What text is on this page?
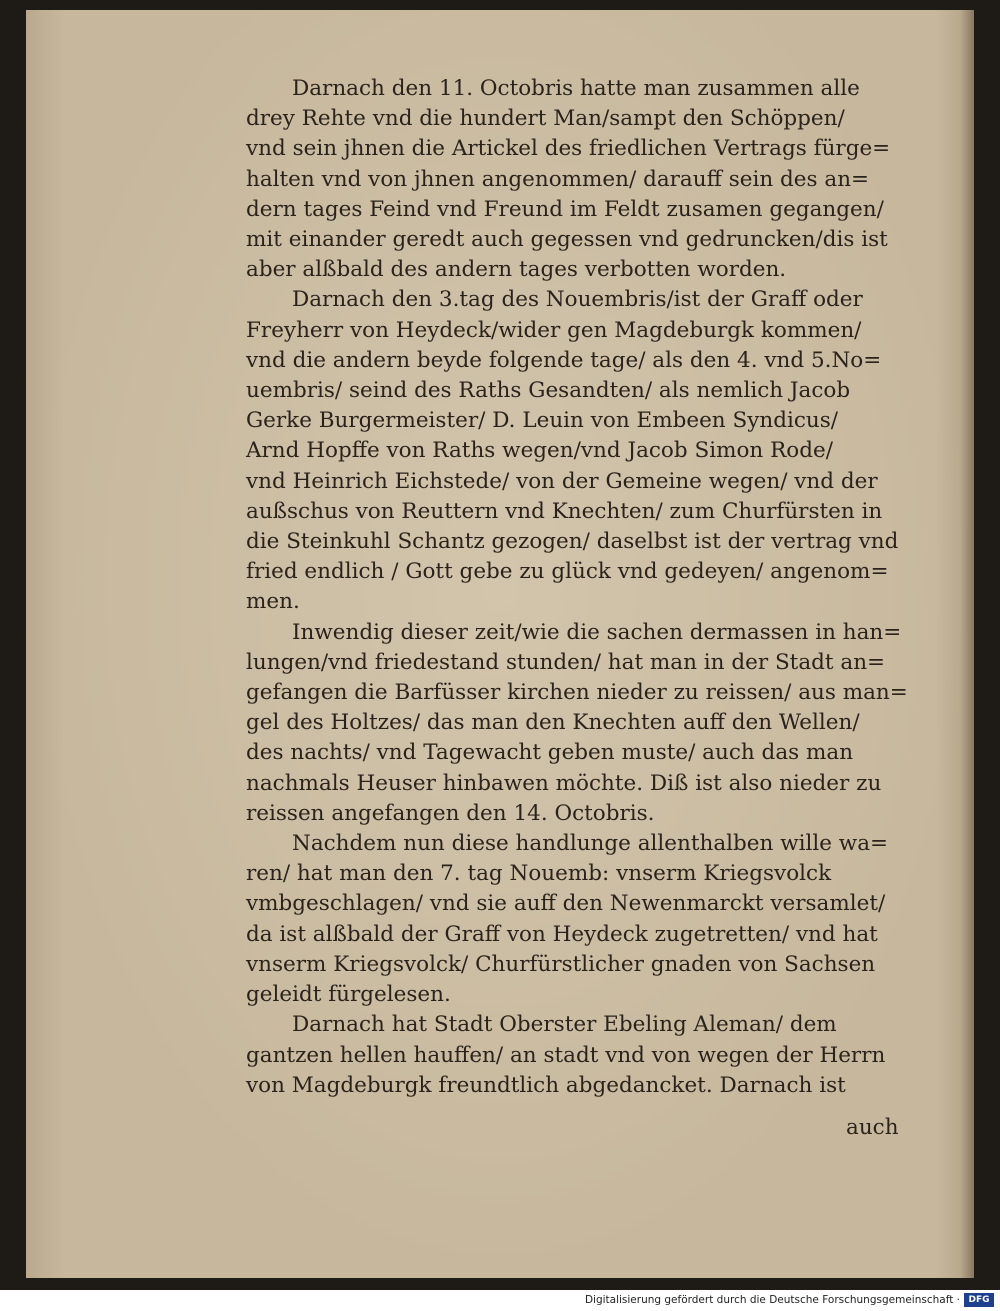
Darnach den 11. Octobris hatte man zusammen alle

drey Rehte vnd die hundert Man/sampt den Schöppen/
vnd sein jhnen die Artickel des friedlichen Vertrags fürge=
halten vnd von jhnen angenommen/ darauff sein des an=
dern tages Feind vnd Freund im Feldt zusamen gegangen/
mit einander geredt auch gegessen vnd gedruncken/dis ist
aber alßbald des andern tages verbotten worden.

Darnach den 3.tag des Nouembris/ist der Graff oder

Freyherr von Heydeck/wider gen Magdeburgk kommen/
vnd die andern beyde folgende tage/ als den 4. vnd 5.No=
uembris/ seind des Raths Gesandten/ als nemlich Jacob
Gerke Burgermeister/ D. Leuin von Embeen Syndicus/
Arnd Hopffe von Raths wegen/vnd Jacob Simon Rode/
vnd Heinrich Eichstede/ von der Gemeine wegen/ vnd der
außschus von Reuttern vnd Knechten/ zum Churfürsten in
die Steinkuhl Schantz gezogen/ daselbst ist der vertrag vnd
fried endlich / Gott gebe zu glück vnd gedeyen/ angenom=
men.

Inwendig dieser zeit/wie die sachen dermassen in han=

lungen/vnd friedestand stunden/ hat man in der Stadt an=
gefangen die Barfüsser kirchen nieder zu reissen/ aus man=
gel des Holtzes/ das man den Knechten auff den Wellen/
des nachts/ vnd Tagewacht geben muste/ auch das man
nachmals Heuser hinbawen möchte. Diß ist also nieder zu
reissen angefangen den 14. Octobris.

Nachdem nun diese handlunge allenthalben wille wa=

ren/ hat man den 7. tag Nouemb: vnserm Kriegsvolck
vmbgeschlagen/ vnd sie auff den Newenmarckt versamlet/
da ist alßbald der Graff von Heydeck zugetretten/ vnd hat
vnserm Kriegsvolck/ Churfürstlicher gnaden von Sachsen
geleidt fürgelesen.

Darnach hat Stadt Oberster Ebeling Aleman/ dem

gantzen hellen hauffen/ an stadt vnd von wegen der Herrn
von Magdeburgk freundtlich abgedancket. Darnach ist
auch
Digitalisierung gefördert durch die Deutsche Forschungsgemeinschaft · DFG
